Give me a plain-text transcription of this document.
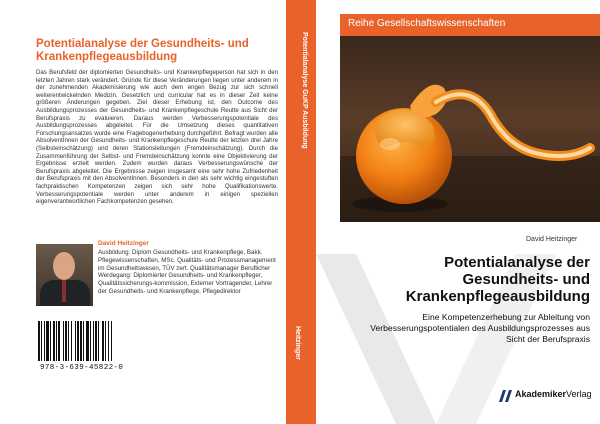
Potentialanalyse der Gesundheits- und Krankenpflegeausbildung
Das Berufsfeld der diplomierten Gesundheits- und Krankenpflegeperson hat sich in den letzten Jahren stark verändert. Gründe für diese Veränderungen liegen unter anderem in der zunehmenden Akademisierung wie auch dem engen Bezug zur sich schnell weiterentwickelnden Medizin. Gesetzlich und curricular hat es in dieser Zeit keine größeren Änderungen gegeben. Ziel dieser Erhebung ist, den Outcome des Ausbildungsprozesses der Gesundheits- und Krankenpflegeschule Reutte aus Sicht der Berufspraxis zu evaluieren. Daraus werden Verbesserungspotentiale des Ausbildungsprozesses abgeleitet. Für die Umsetzung dieses quantitativen Forschungsansatzes wurde eine Fragebogenerhebung durchgeführt. Befragt wurden alle AbsolventInnen der Gesundheits- und Krankenpflegeschule Reutte der letzten drei Jahre (Selbsteinschätzung) und deren Stationsleitungen (Fremdeinschätzung). Durch die Zusammenführung der Selbst- und Fremdeinschätzung konnte eine Objektivierung der Ergebnisse erzielt werden. Zudem wurden daraus Verbesserungswünsche der Berufspraxis abgeleitet. Die Ergebnisse zeigen insgesamt eine sehr hohe Zufriedenheit der Berufspraxis mit den AbsolventInnen. Besonders in den als sehr wichtig eingestuften fachpraktischen Kompetenzen zeigen sich sehr hohe Qualifikationswerte. Verbesserungspotentiale werden unter anderem in einigen speziellen eigenverantwortlichen Fachkompetenzen gesehen.
David Heitzinger
Ausbildung: Diplom Gesundheits- und Krankenpflege, Bakk. Pflegewissenschaften, MSc. Qualitäts- und Prozessmanagement im Gesundheitswesen, TÜV zert. Qualitätsmanager Beruflicher Werdegang: Diplomierter Gesundheits- und Krankenpfleger, Qualitätssicherungs-kommission, Externer Vortragender, Lehrer der Gesundheits- und Krankenpflege, Pflegedirektor
978-3-639-45822-0
Potentialanalyse GuKP Ausbildung
Heitzinger
Reihe Gesellschaftswissenschaften
David Heitzinger
Potentialanalyse der Gesundheits- und Krankenpflegeausbildung
Eine Kompetenzerhebung zur Ableitung von Verbesserungspotentialen des Ausbildungsprozesses aus Sicht der Berufspraxis
AkademikerVerlag
